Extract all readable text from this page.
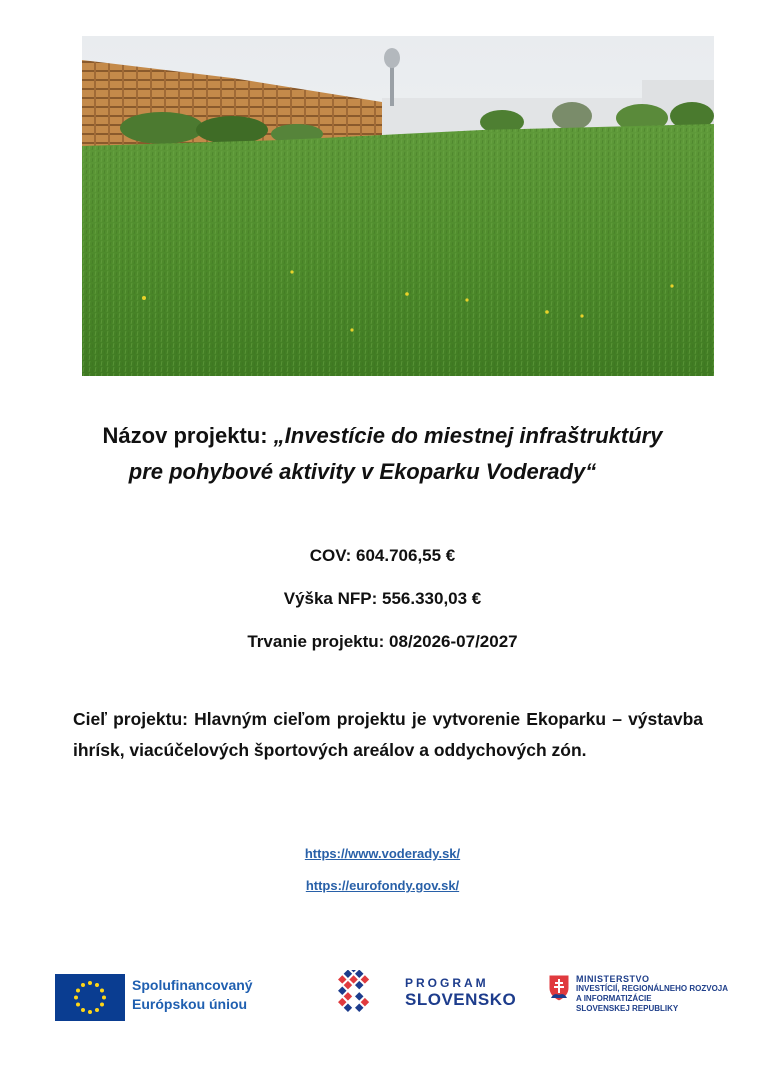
Názov projektu: „Investície do miestnej infraštruktúry
pre pohybové aktivity v Ekoparku Voderady“
COV: 604.706,55 €
Výška NFP: 556.330,03 €
Trvanie projektu: 08/2026-07/2027
Cieľ projektu: Hlavným cieľom projektu je vytvorenie Ekoparku – výstavba ihrísk, viacúčelových športových areálov a oddychových zón.
https://www.voderady.sk/
https://eurofondy.gov.sk/
Spolufinancovaný
Európskou úniou
PROGRAM
SLOVENSKO
MINISTERSTVO
INVESTÍCIÍ, REGIONÁLNEHO ROZVOJA
A INFORMATIZÁCIE
SLOVENSKEJ REPUBLIKY
